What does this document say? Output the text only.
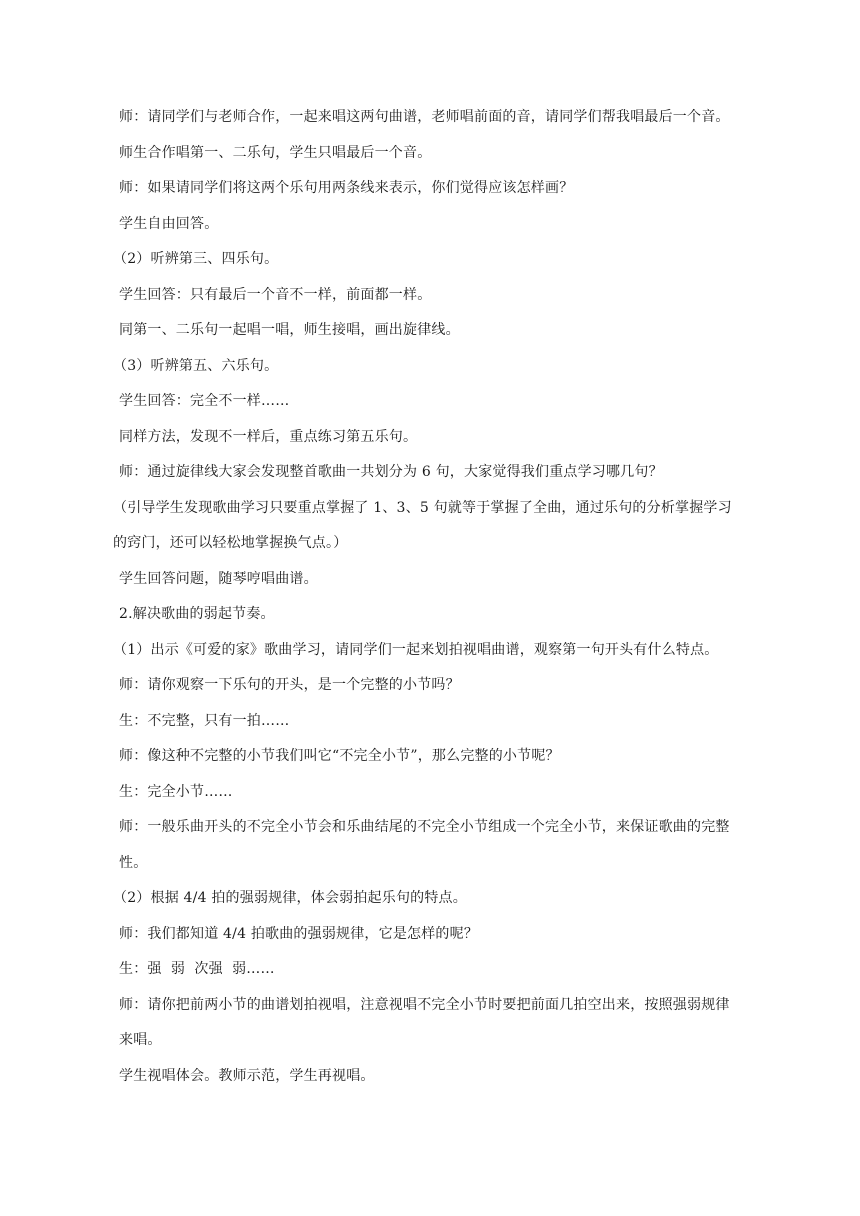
师：请同学们与老师合作，一起来唱这两句曲谱，老师唱前面的音，请同学们帮我唱最后一个音。

师生合作唱第一、二乐句，学生只唱最后一个音。

师：如果请同学们将这两个乐句用两条线来表示，你们觉得应该怎样画？

学生自由回答。

（2）听辨第三、四乐句。

学生回答：只有最后一个音不一样，前面都一样。

同第一、二乐句一起唱一唱，师生接唱，画出旋律线。

（3）听辨第五、六乐句。

学生回答：完全不一样……

同样方法，发现不一样后，重点练习第五乐句。

师：通过旋律线大家会发现整首歌曲一共划分为 6 句，大家觉得我们重点学习哪几句？

（引导学生发现歌曲学习只要重点掌握了 1、3、5 句就等于掌握了全曲，通过乐句的分析掌握学习的窍门，还可以轻松地掌握换气点。）

学生回答问题，随琴哼唱曲谱。

2.解决歌曲的弱起节奏。

（1）出示《可爱的家》歌曲学习，请同学们一起来划拍视唱曲谱，观察第一句开头有什么特点。

师：请你观察一下乐句的开头，是一个完整的小节吗？

生：不完整，只有一拍……

师：像这种不完整的小节我们叫它“不完全小节”，那么完整的小节呢？

生：完全小节……

师：一般乐曲开头的不完全小节会和乐曲结尾的不完全小节组成一个完全小节，来保证歌曲的完整性。

（2）根据 4/4 拍的强弱规律，体会弱拍起乐句的特点。

师：我们都知道 4/4 拍歌曲的强弱规律，它是怎样的呢？

生：强  弱  次强  弱……

师：请你把前两小节的曲谱划拍视唱，注意视唱不完全小节时要把前面几拍空出来，按照强弱规律来唱。

学生视唱体会。教师示范，学生再视唱。
